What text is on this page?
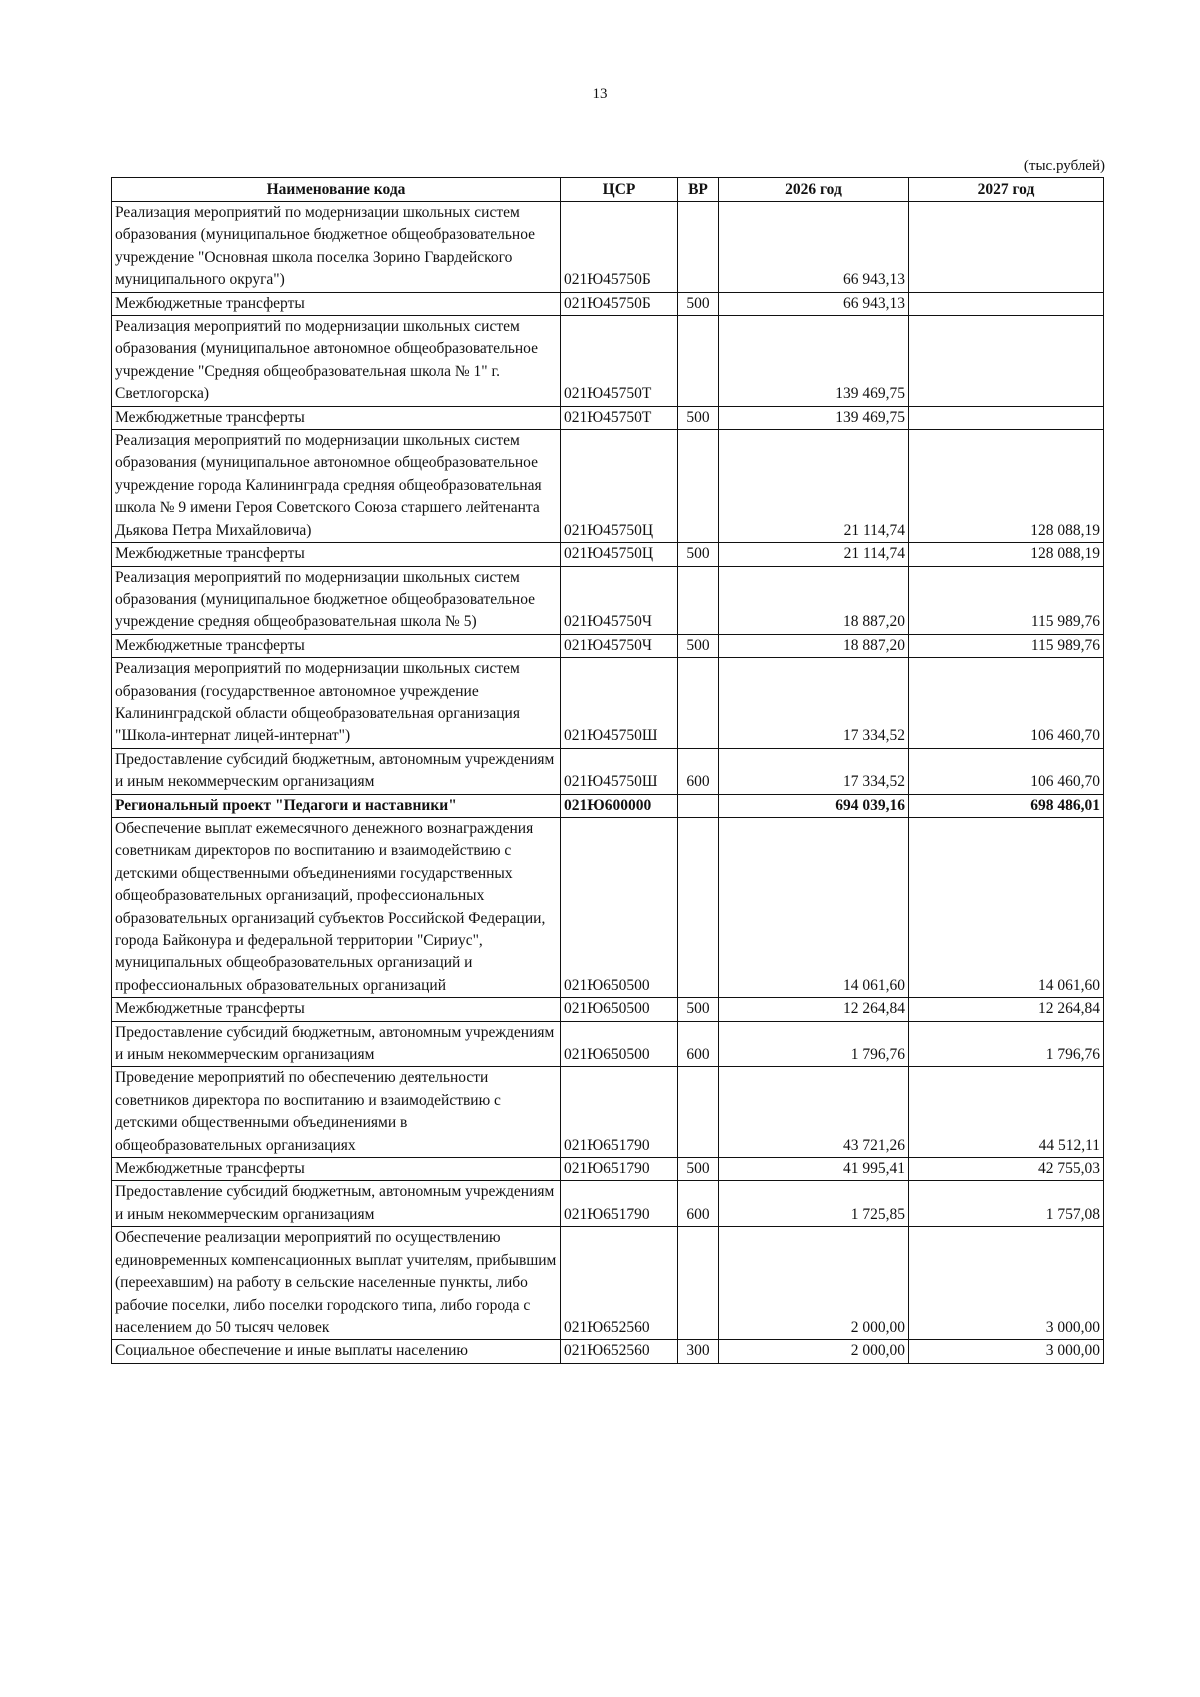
13
(тыс.рублей)
Наименование кода	ЦСР	ВР	2026 год	2027 год
Реализация мероприятий по модернизации школьных систем образования (муниципальное бюджетное общеобразовательное учреждение "Основная школа поселка Зорино Гвардейского муниципального округа")	021Ю45750Б		66 943,13	
Межбюджетные трансферты	021Ю45750Б	500	66 943,13	
Реализация мероприятий по модернизации школьных систем образования (муниципальное автономное общеобразовательное учреждение "Средняя общеобразовательная школа № 1" г. Светлогорска)	021Ю45750Т		139 469,75	
Межбюджетные трансферты	021Ю45750Т	500	139 469,75	
Реализация мероприятий по модернизации школьных систем образования (муниципальное автономное общеобразовательное учреждение города Калининграда средняя общеобразовательная школа № 9 имени Героя Советского Союза старшего лейтенанта Дьякова Петра Михайловича)	021Ю45750Ц		21 114,74	128 088,19
Межбюджетные трансферты	021Ю45750Ц	500	21 114,74	128 088,19
Реализация мероприятий по модернизации школьных систем образования (муниципальное бюджетное общеобразовательное учреждение средняя общеобразовательная школа № 5)	021Ю45750Ч		18 887,20	115 989,76
Межбюджетные трансферты	021Ю45750Ч	500	18 887,20	115 989,76
Реализация мероприятий по модернизации школьных систем образования (государственное автономное учреждение Калининградской области общеобразовательная организация "Школа-интернат лицей-интернат")	021Ю45750Ш		17 334,52	106 460,70
Предоставление субсидий бюджетным, автономным учреждениям и иным некоммерческим организациям	021Ю45750Ш	600	17 334,52	106 460,70
Региональный проект "Педагоги и наставники"	021Ю600000		694 039,16	698 486,01
Обеспечение выплат ежемесячного денежного вознаграждения советникам директоров по воспитанию и взаимодействию с детскими общественными объединениями государственных общеобразовательных организаций, профессиональных образовательных организаций субъектов Российской Федерации, города Байконура и федеральной территории "Сириус", муниципальных общеобразовательных организаций и профессиональных образовательных организаций	021Ю650500		14 061,60	14 061,60
Межбюджетные трансферты	021Ю650500	500	12 264,84	12 264,84
Предоставление субсидий бюджетным, автономным учреждениям и иным некоммерческим организациям	021Ю650500	600	1 796,76	1 796,76
Проведение мероприятий по обеспечению деятельности советников директора по воспитанию и взаимодействию с детскими общественными объединениями в общеобразовательных организациях	021Ю651790		43 721,26	44 512,11
Межбюджетные трансферты	021Ю651790	500	41 995,41	42 755,03
Предоставление субсидий бюджетным, автономным учреждениям и иным некоммерческим организациям	021Ю651790	600	1 725,85	1 757,08
Обеспечение реализации мероприятий по осуществлению единовременных компенсационных выплат учителям, прибывшим (переехавшим) на работу в сельские населенные пункты, либо рабочие поселки, либо поселки городского типа, либо города с населением до 50 тысяч человек	021Ю652560		2 000,00	3 000,00
Социальное обеспечение и иные выплаты населению	021Ю652560	300	2 000,00	3 000,00
